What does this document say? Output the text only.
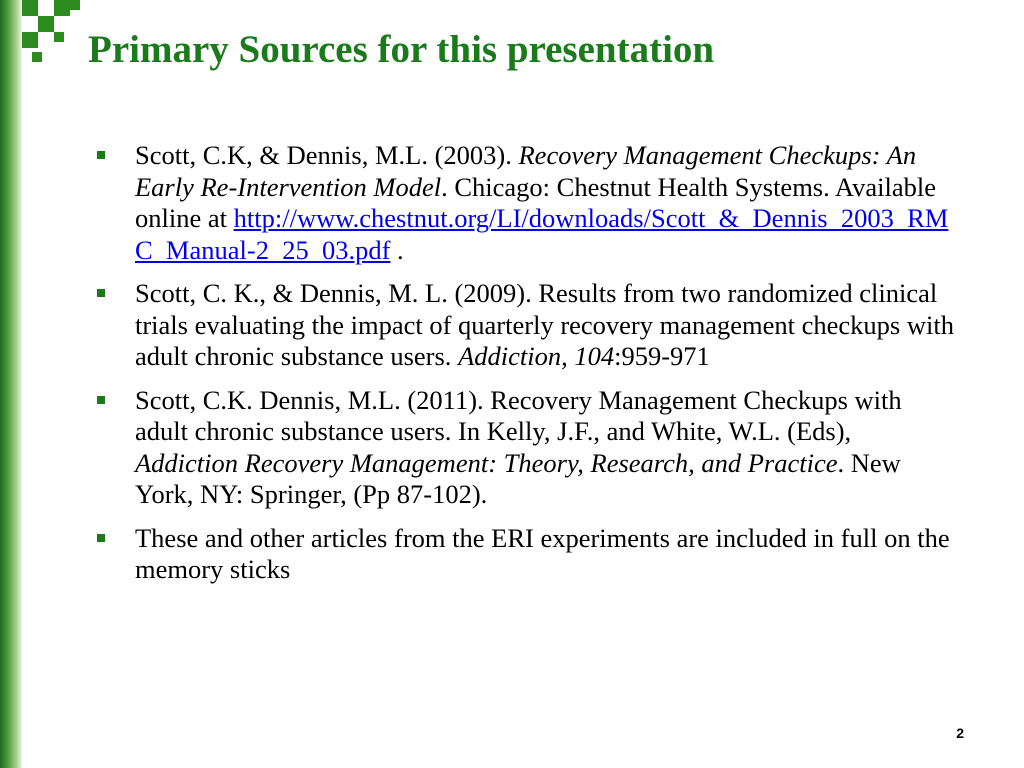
Primary Sources for this presentation
Scott, C.K, & Dennis, M.L. (2003). Recovery Management Checkups: An Early Re-Intervention Model. Chicago: Chestnut Health Systems. Available online at http://www.chestnut.org/LI/downloads/Scott_&_Dennis_2003_RMC_Manual-2_25_03.pdf .
Scott, C. K., & Dennis, M. L. (2009). Results from two randomized clinical trials evaluating the impact of quarterly recovery management checkups with adult chronic substance users. Addiction, 104:959-971
Scott, C.K. Dennis, M.L. (2011). Recovery Management Checkups with adult chronic substance users. In Kelly, J.F., and White, W.L. (Eds), Addiction Recovery Management: Theory, Research, and Practice. New York, NY: Springer, (Pp 87-102).
These and other articles from the ERI experiments are included in full on the memory sticks
2
